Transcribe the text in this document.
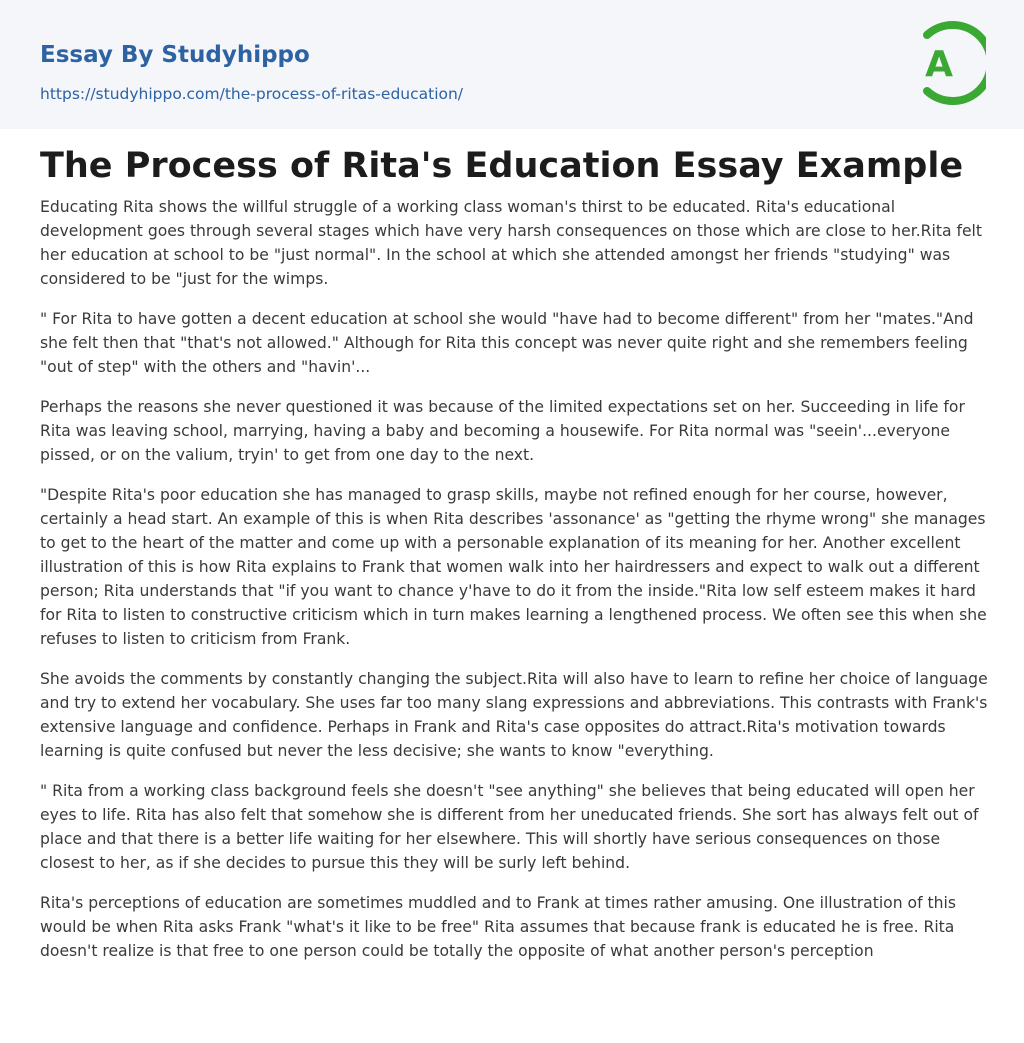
Essay By Studyhippo
https://studyhippo.com/the-process-of-ritas-education/
A
The Process of Rita's Education Essay Example

Educating Rita shows the willful struggle of a working class woman's thirst to be educated. Rita's educational development goes through several stages which have very harsh consequences on those which are close to her.Rita felt her education at school to be "just normal". In the school at which she attended amongst her friends "studying" was considered to be "just for the wimps.

" For Rita to have gotten a decent education at school she would "have had to become different" from her "mates."And she felt then that "that's not allowed." Although for Rita this concept was never quite right and she remembers feeling "out of step" with the others and "havin'...

Perhaps the reasons she never questioned it was because of the limited expectations set on her. Succeeding in life for Rita was leaving school, marrying, having a baby and becoming a housewife. For Rita normal was "seein'...everyone pissed, or on the valium, tryin' to get from one day to the next.

"Despite Rita's poor education she has managed to grasp skills, maybe not refined enough for her course, however, certainly a head start. An example of this is when Rita describes 'assonance' as "getting the rhyme wrong" she manages to get to the heart of the matter and come up with a personable explanation of its meaning for her. Another excellent illustration of this is how Rita explains to Frank that women walk into her hairdressers and expect to walk out a different person; Rita understands that "if you want to chance y'have to do it from the inside."Rita low self esteem makes it hard for Rita to listen to constructive criticism which in turn makes learning a lengthened process. We often see this when she refuses to listen to criticism from Frank.

She avoids the comments by constantly changing the subject.Rita will also have to learn to refine her choice of language and try to extend her vocabulary. She uses far too many slang expressions and abbreviations. This contrasts with Frank's extensive language and confidence. Perhaps in Frank and Rita's case opposites do attract.Rita's motivation towards learning is quite confused but never the less decisive; she wants to know "everything.

" Rita from a working class background feels she doesn't "see anything" she believes that being educated will open her eyes to life. Rita has also felt that somehow she is different from her uneducated friends. She sort has always felt out of place and that there is a better life waiting for her elsewhere. This will shortly have serious consequences on those closest to her, as if she decides to pursue this they will be surly left behind.

Rita's perceptions of education are sometimes muddled and to Frank at times rather amusing. One illustration of this would be when Rita asks Frank "what's it like to be free" Rita assumes that because frank is educated he is free. Rita doesn't realize is that free to one person could be totally the opposite of what another person's perception
